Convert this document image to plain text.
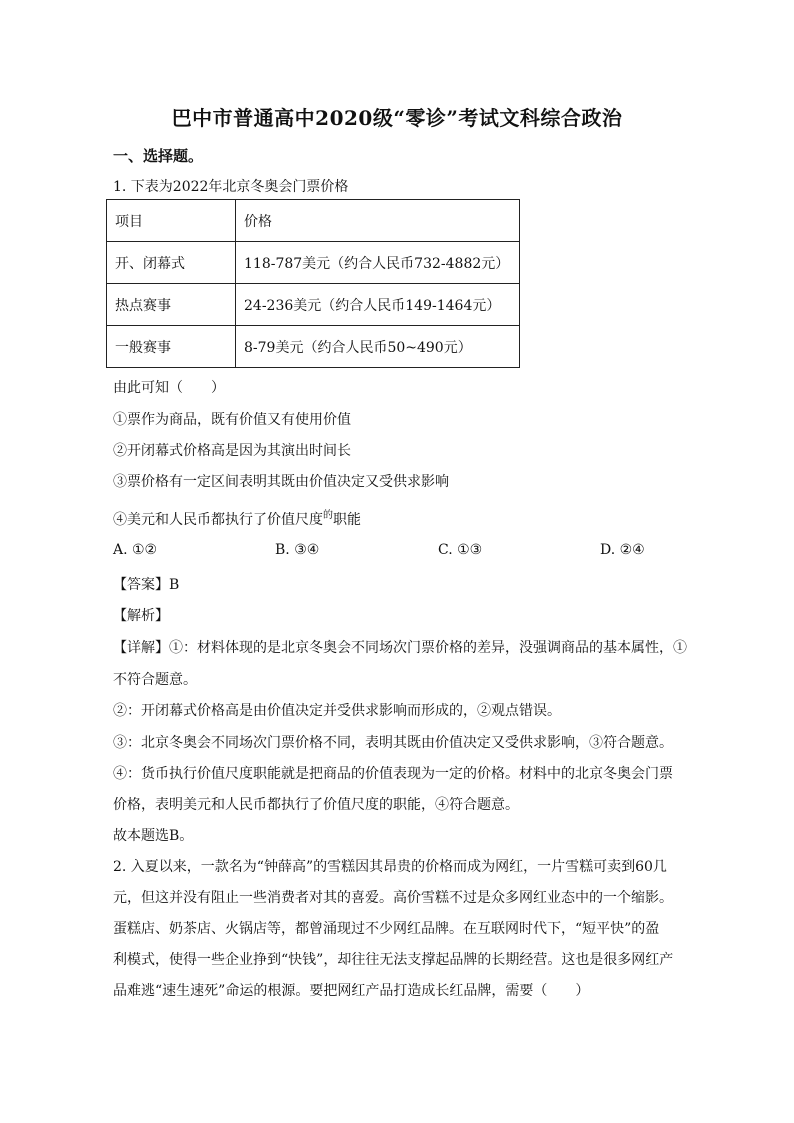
巴中市普通高中2020级“零诊”考试文科综合政治
一、选择题。
1. 下表为2022年北京冬奥会门票价格
项目	价格
开、闭幕式	118-787美元（约合人民币732-4882元）
热点赛事	24-236美元（约合人民币149-1464元）
一般赛事	8-79美元（约合人民币50~490元）
由此可知（　　）
①票作为商品，既有价值又有使用价值
②开闭幕式价格高是因为其演出时间长
③票价格有一定区间表明其既由价值决定又受供求影响
④美元和人民币都执行了价值尺度$^的$职能
A. ①②	B. ③④	C. ①③	D. ②④
【答案】B
【解析】
【详解】①：材料体现的是北京冬奥会不同场次门票价格的差异，没强调商品的基本属性，①
不符合题意。
②：开闭幕式价格高是由价值决定并受供求影响而形成的，②观点错误。
③：北京冬奥会不同场次门票价格不同，表明其既由价值决定又受供求影响，③符合题意。
④：货币执行价值尺度职能就是把商品的价值表现为一定的价格。材料中的北京冬奥会门票
价格，表明美元和人民币都执行了价值尺度的职能，④符合题意。
故本题选B。
2. 入夏以来，一款名为“钟薛高”的雪糕因其昂贵的价格而成为网红，一片雪糕可卖到60几
元，但这并没有阻止一些消费者对其的喜爱。高价雪糕不过是众多网红业态中的一个缩影。
蛋糕店、奶茶店、火锅店等，都曾涌现过不少网红品牌。在互联网时代下，“短平快”的盈
利模式，使得一些企业挣到“快钱”，却往往无法支撑起品牌的长期经营。这也是很多网红产
品难逃“速生速死”命运的根源。要把网红产品打造成长红品牌，需要（　　）
